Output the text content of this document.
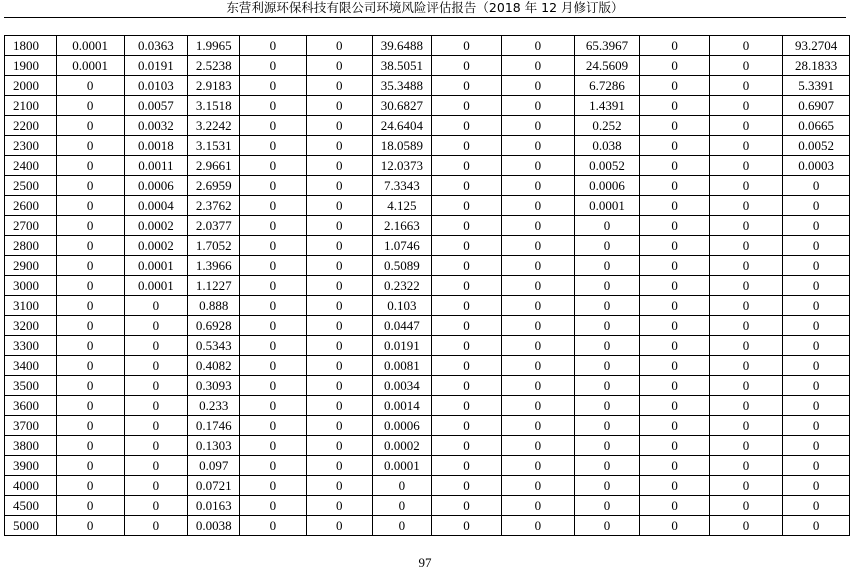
东营利源环保科技有限公司环境风险评估报告（2018 年 12 月修订版）
1800	0.0001	0.0363	1.9965	0	0	39.6488	0	0	65.3967	0	0	93.2704
1900	0.0001	0.0191	2.5238	0	0	38.5051	0	0	24.5609	0	0	28.1833
2000	0	0.0103	2.9183	0	0	35.3488	0	0	6.7286	0	0	5.3391
2100	0	0.0057	3.1518	0	0	30.6827	0	0	1.4391	0	0	0.6907
2200	0	0.0032	3.2242	0	0	24.6404	0	0	0.252	0	0	0.0665
2300	0	0.0018	3.1531	0	0	18.0589	0	0	0.038	0	0	0.0052
2400	0	0.0011	2.9661	0	0	12.0373	0	0	0.0052	0	0	0.0003
2500	0	0.0006	2.6959	0	0	7.3343	0	0	0.0006	0	0	0
2600	0	0.0004	2.3762	0	0	4.125	0	0	0.0001	0	0	0
2700	0	0.0002	2.0377	0	0	2.1663	0	0	0	0	0	0
2800	0	0.0002	1.7052	0	0	1.0746	0	0	0	0	0	0
2900	0	0.0001	1.3966	0	0	0.5089	0	0	0	0	0	0
3000	0	0.0001	1.1227	0	0	0.2322	0	0	0	0	0	0
3100	0	0	0.888	0	0	0.103	0	0	0	0	0	0
3200	0	0	0.6928	0	0	0.0447	0	0	0	0	0	0
3300	0	0	0.5343	0	0	0.0191	0	0	0	0	0	0
3400	0	0	0.4082	0	0	0.0081	0	0	0	0	0	0
3500	0	0	0.3093	0	0	0.0034	0	0	0	0	0	0
3600	0	0	0.233	0	0	0.0014	0	0	0	0	0	0
3700	0	0	0.1746	0	0	0.0006	0	0	0	0	0	0
3800	0	0	0.1303	0	0	0.0002	0	0	0	0	0	0
3900	0	0	0.097	0	0	0.0001	0	0	0	0	0	0
4000	0	0	0.0721	0	0	0	0	0	0	0	0	0
4500	0	0	0.0163	0	0	0	0	0	0	0	0	0
5000	0	0	0.0038	0	0	0	0	0	0	0	0	0
97
